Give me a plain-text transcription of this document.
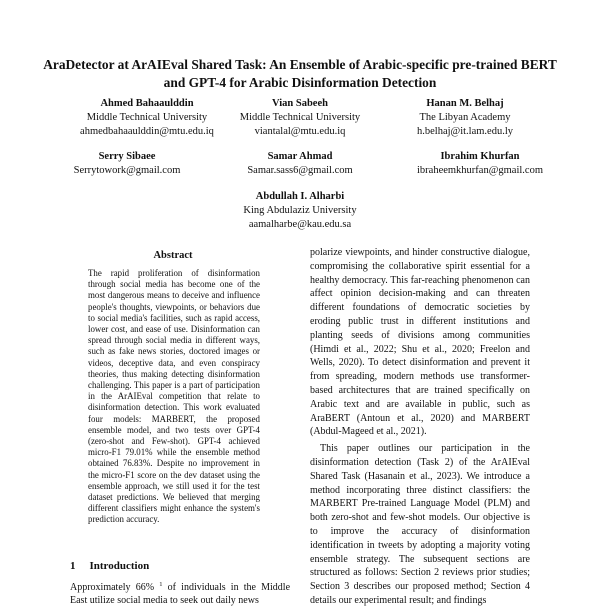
AraDetector at ArAIEval Shared Task: An Ensemble of Arabic-specific pre-trained BERT and GPT-4 for Arabic Disinformation Detection
Ahmed Bahaaulddin
Middle Technical University
ahmedbahaaulddin@mtu.edu.iq
Vian Sabeeh
Middle Technical University
viantalal@mtu.edu.iq
Hanan M. Belhaj
The Libyan Academy
h.belhaj@it.lam.edu.ly
Serry Sibaee
Serrytowork@gmail.com
Samar Ahmad
Samar.sass6@gmail.com
Ibrahim Khurfan
ibraheemkhurfan@gmail.com
Abdullah I. Alharbi
King Abdulaziz University
aamalharbe@kau.edu.sa
Abstract
The rapid proliferation of disinformation through social media has become one of the most dangerous means to deceive and influence people's thoughts, viewpoints, or behaviors due to social media's facilities, such as rapid access, lower cost, and ease of use. Disinformation can spread through social media in different ways, such as fake news stories, doctored images or videos, deceptive data, and even conspiracy theories, thus making detecting disinformation challenging. This paper is a part of participation in the ArAIEval competition that relate to disinformation detection. This work evaluated four models: MARBERT, the proposed ensemble model, and two tests over GPT-4 (zero-shot and Few-shot). GPT-4 achieved micro-F1 79.01% while the ensemble method obtained 76.83%. Despite no improvement in the micro-F1 score on the dev dataset using the ensemble approach, we still used it for the test dataset predictions. We believed that merging different classifiers might enhance the system's prediction accuracy.
1 Introduction
Approximately 66% $^1$ of individuals in the Middle East utilize social media to seek out daily news

polarize viewpoints, and hinder constructive dialogue, compromising the collaborative spirit essential for a healthy democracy. This far-reaching phenomenon can affect opinion decision-making and can threaten different foundations of democratic societies by eroding public trust in different institutions and planting seeds of divisions among communities (Himdi et al., 2022; Shu et al., 2020; Freelon and Wells, 2020). To detect disinformation and prevent it from spreading, modern methods use transformer-based architectures that are trained specifically on Arabic text and are available in public, such as AraBERT (Antoun et al., 2020) and MARBERT (Abdul-Mageed et al., 2021).

This paper outlines our participation in the disinformation detection (Task 2) of the ArAIEval Shared Task (Hasanain et al., 2023). We introduce a method incorporating three distinct classifiers: the MARBERT Pre-trained Language Model (PLM) and both zero-shot and few-shot models. Our objective is to improve the accuracy of disinformation identification in tweets by adopting a majority voting ensemble strategy. The subsequent sections are structured as follows: Section 2 reviews prior studies; Section 3 describes our proposed method; Section 4 details our experimental result; and findings
